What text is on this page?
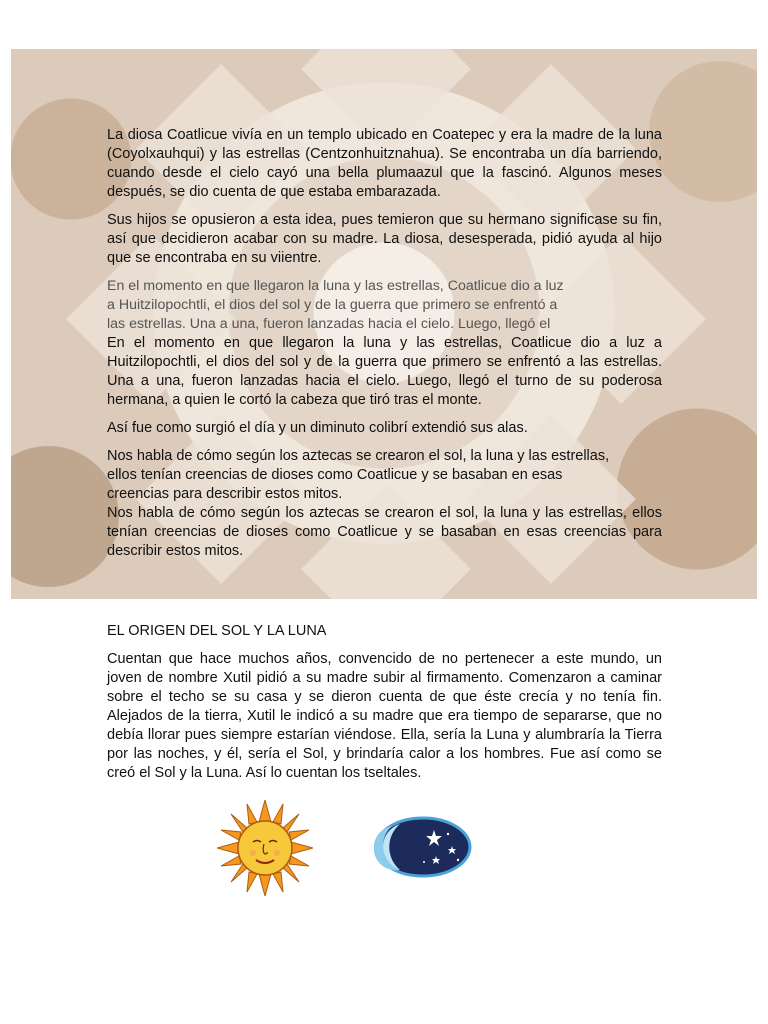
La diosa Coatlicue vivía en un templo ubicado en Coatepec y era la madre de la luna (Coyolxauhqui) y las estrellas (Centzonhuitznahua). Se encontraba un día barriendo, cuando desde el cielo cayó una bella plumaazul que la fascinó. Algunos meses después, se dio cuenta de que estaba embarazada.

Sus hijos se opusieron a esta idea, pues temieron que su hermano significase su fin, así que decidieron acabar con su madre. La diosa, desesperada, pidió ayuda al hijo que se encontraba en su viientre.

En el momento en que llegaron la luna y las estrellas, Coatlicue dio a luz
a Huitzilopochtli, el dios del sol y de la guerra que primero se enfrentó a
las estrellas. Una a una, fueron lanzadas hacia el cielo. Luego, llegó el

En el momento en que llegaron la luna y las estrellas, Coatlicue dio a luz a Huitzilopochtli, el dios del sol y de la guerra que primero se enfrentó a las estrellas. Una a una, fueron lanzadas hacia el cielo. Luego, llegó el turno de su poderosa hermana, a quien le cortó la cabeza que tiró tras el monte.

Así fue como surgió el día y un diminuto colibrí extendió sus alas.

Nos habla de cómo según los aztecas se crearon el sol, la luna y las estrellas,
ellos tenían creencias de dioses como Coatlicue y se basaban en esas
creencias para describir estos mitos.

Nos habla de cómo según los aztecas se crearon el sol, la luna y las estrellas, ellos tenían creencias de dioses como Coatlicue y se basaban en esas creencias para describir estos mitos.

EL ORIGEN DEL SOL Y LA LUNA

Cuentan que hace muchos años, convencido de no pertenecer a este mundo, un joven de nombre Xutil pidió a su madre subir al firmamento. Comenzaron a caminar sobre el techo se su casa y se dieron cuenta de que éste crecía y no tenía fin. Alejados de la tierra, Xutil le indicó a su madre que era tiempo de separarse, que no debía llorar pues siempre estarían viéndose. Ella, sería la Luna y alumbraría la Tierra por las noches, y él, sería el Sol, y brindaría calor a los hombres. Fue así como se creó el Sol y la Luna. Así lo cuentan los tseltales.
